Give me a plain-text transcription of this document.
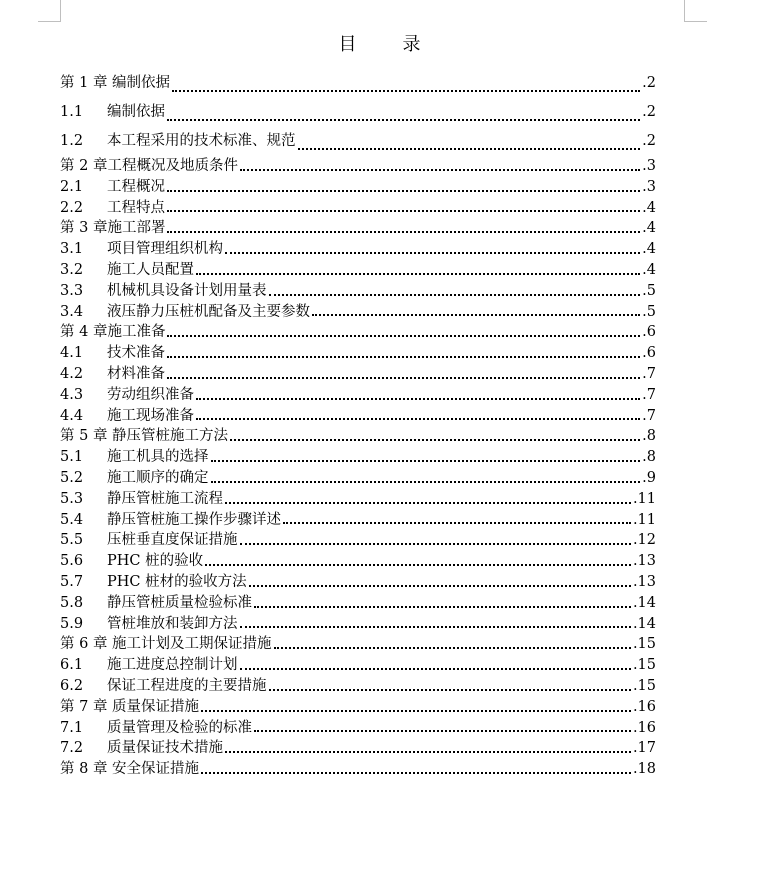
目　录
第 1 章 编制依据	.2
1.1	编制依据	.2
1.2	本工程采用的技术标准、规范	.2
第 2 章工程概况及地质条件	.3
2.1	工程概况	.3
2.2	工程特点	.4
第 3 章施工部署	.4
3.1	项目管理组织机构	.4
3.2	施工人员配置	.4
3.3	机械机具设备计划用量表	.5
3.4	液压静力压桩机配备及主要参数	.5
第 4 章施工准备	.6
4.1	技术准备	.6
4.2	材料准备	.7
4.3	劳动组织准备	.7
4.4	施工现场准备	.7
第 5 章 静压管桩施工方法	.8
5.1	施工机具的选择	.8
5.2	施工顺序的确定	.9
5.3	静压管桩施工流程	.11
5.4	静压管桩施工操作步骤详述	.11
5.5	压桩垂直度保证措施	.12
5.6	PHC 桩的验收	.13
5.7	PHC 桩材的验收方法	.13
5.8	静压管桩质量检验标准	.14
5.9	管桩堆放和装卸方法	.14
第 6 章 施工计划及工期保证措施	.15
6.1	施工进度总控制计划	.15
6.2	保证工程进度的主要措施	.15
第 7 章 质量保证措施	.16
7.1	质量管理及检验的标准	.16
7.2	质量保证技术措施	.17
第 8 章 安全保证措施	.18
